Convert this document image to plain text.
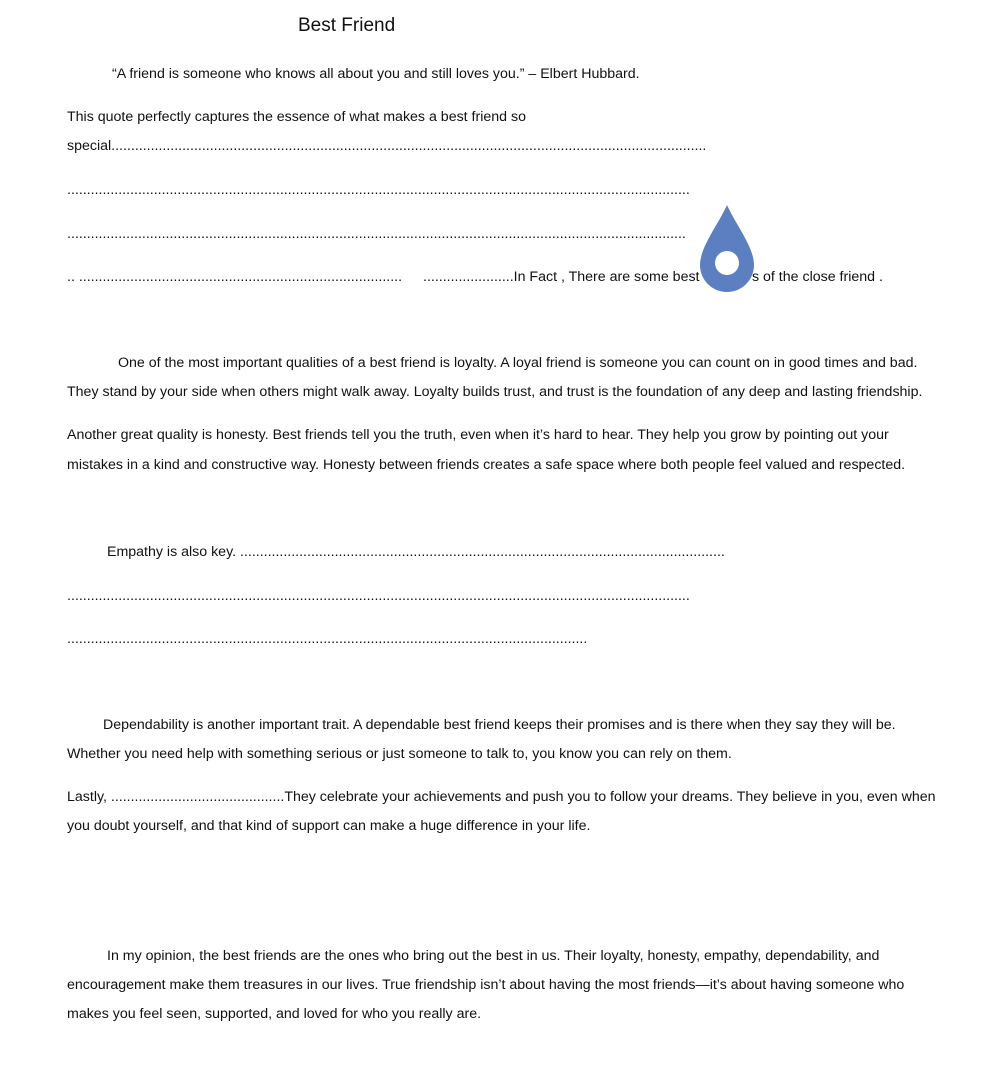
Best Friend
“A friend is someone who knows all about you and still loves you.” – Elbert Hubbard.
This quote perfectly captures the essence of what makes a best friend so
special.......................................................................................................................................................
..............................................................................................................................................................
.............................................................................................................................................................
.. .................................................................................. .......................In Fact , There are some best	s of the close friend .
One of the most important qualities of a best friend is loyalty. A loyal friend is someone you can count on in good times and bad.
They stand by your side when others might walk away. Loyalty builds trust, and trust is the foundation of any deep and lasting friendship.
Another great quality is honesty. Best friends tell you the truth, even when it’s hard to hear. They help you grow by pointing out your
mistakes in a kind and constructive way. Honesty between friends creates a safe space where both people feel valued and respected.
Empathy is also key. ...........................................................................................................................
..............................................................................................................................................................
....................................................................................................................................
Dependability is another important trait. A dependable best friend keeps their promises and is there when they say they will be.
Whether you need help with something serious or just someone to talk to, you know you can rely on them.
Lastly, ............................................They celebrate your achievements and push you to follow your dreams. They believe in you, even when
you doubt yourself, and that kind of support can make a huge difference in your life.
In my opinion, the best friends are the ones who bring out the best in us. Their loyalty, honesty, empathy, dependability, and
encouragement make them treasures in our lives. True friendship isn’t about having the most friends—it’s about having someone who
makes you feel seen, supported, and loved for who you really are.
